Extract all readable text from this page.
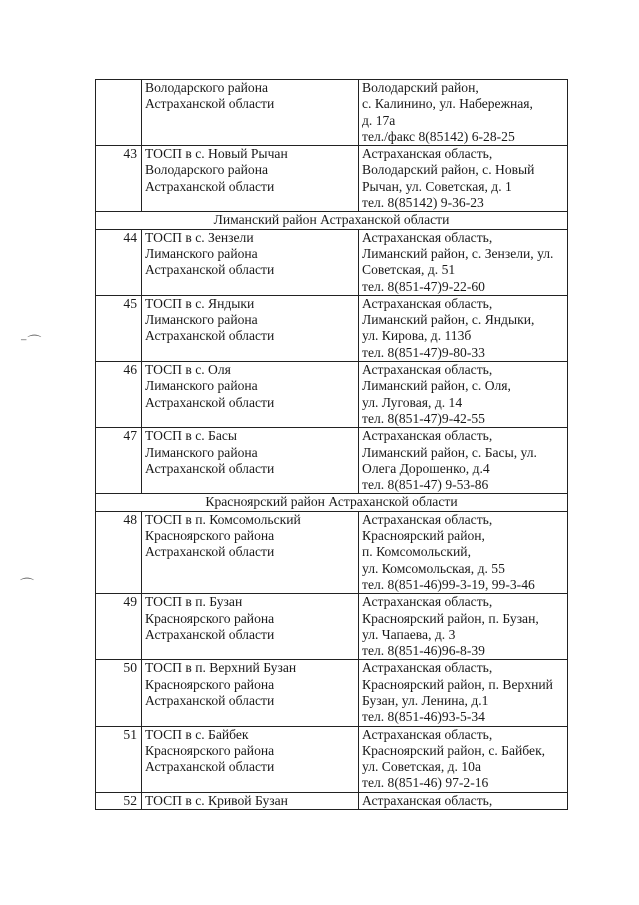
⁻⌒
⌒

	Володарского района
Астраханской области	Володарский район,
с. Калинино, ул. Набережная,
д. 17а
тел./факс 8(85142) 6-28-25

43	ТОСП в с. Новый Рычан
Володарского района
Астраханской области	Астраханская область,
Володарский район, с. Новый
Рычан, ул. Советская, д. 1
тел. 8(85142) 9-36-23

Лиманский район Астраханской области		
44	ТОСП в с. Зензели
Лиманского района
Астраханской области	Астраханская область,
Лиманский район, с. Зензели, ул.
Советская, д. 51
тел. 8(851-47)9-22-60

45	ТОСП в с. Яндыки
Лиманского района
Астраханской области	Астраханская область,
Лиманский район, с. Яндыки,
ул. Кирова, д. 113б
тел. 8(851-47)9-80-33

46	ТОСП в с. Оля
Лиманского района
Астраханской области	Астраханская область,
Лиманский район, с. Оля,
ул. Луговая, д. 14
тел. 8(851-47)9-42-55

47	ТОСП в с. Басы
Лиманского района
Астраханской области	Астраханская область,
Лиманский район, с. Басы, ул.
Олега Дорошенко, д.4
тел. 8(851-47) 9-53-86

Красноярский район Астраханской области		
48	ТОСП в п. Комсомольский
Красноярского района
Астраханской области	Астраханская область,
Красноярский район,
п. Комсомольский,
ул. Комсомольская, д. 55
тел. 8(851-46)99-3-19, 99-3-46

49	ТОСП в п. Бузан
Красноярского района
Астраханской области	Астраханская область,
Красноярский район, п. Бузан,
ул. Чапаева, д. 3
тел. 8(851-46)96-8-39

50	ТОСП в п. Верхний Бузан
Красноярского района
Астраханской области	Астраханская область,
Красноярский район, п. Верхний
Бузан, ул. Ленина, д.1
тел. 8(851-46)93-5-34

51	ТОСП в с. Байбек
Красноярского района
Астраханской области	Астраханская область,
Красноярский район, с. Байбек,
ул. Советская, д. 10а
тел. 8(851-46) 97-2-16

52	ТОСП в с. Кривой Бузан	Астраханская область,
